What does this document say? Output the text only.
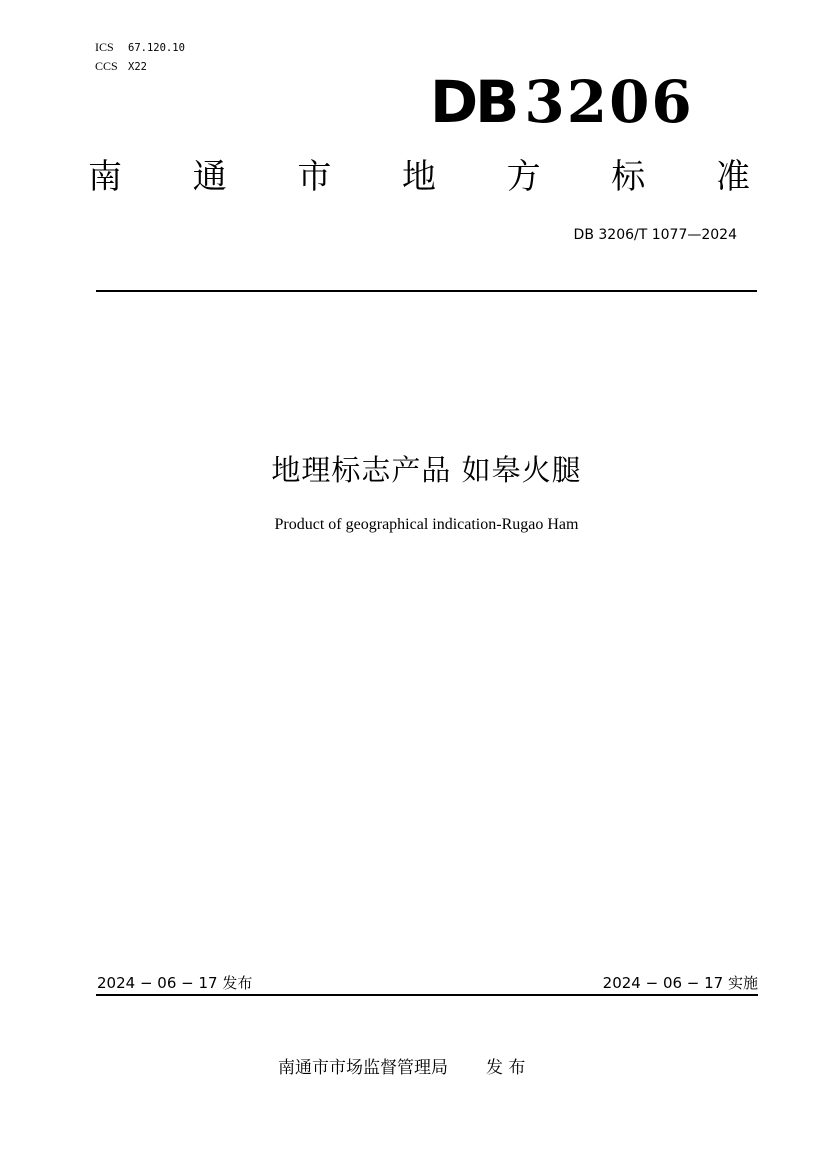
ICS 67.120.10
CCS X22
DB 3206
南 通 市 地 方 标 准
DB 3206/T 1077—2024
地理标志产品 如皋火腿
Product of geographical indication-Rugao Ham
2024 − 06 − 17 发布	2024 − 06 − 17 实施
南通市市场监督管理局 发 布
